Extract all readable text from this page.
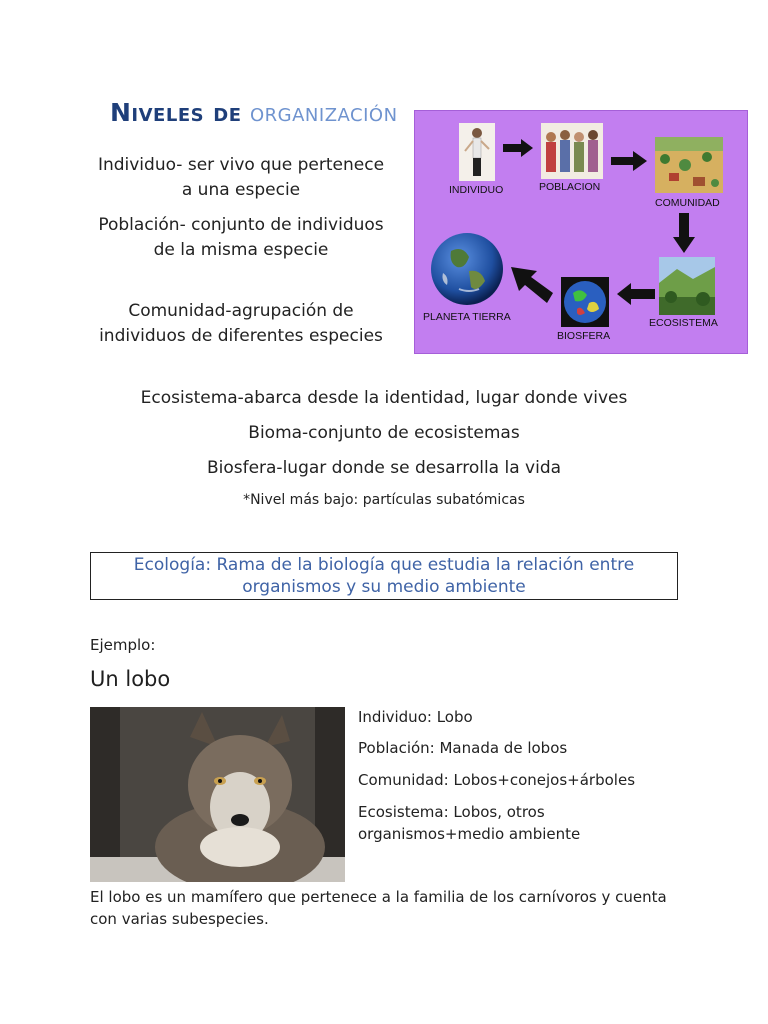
Niveles de organización
Individuo- ser vivo que pertenece a una especie
Población- conjunto de individuos de la misma especie
Comunidad-agrupación de individuos de diferentes especies
Ecosistema-abarca desde la identidad, lugar donde vives
Bioma-conjunto de ecosistemas
Biosfera-lugar donde se desarrolla la vida
*Nivel más bajo: partículas subatómicas
INDIVIDUO	POBLACION
COMUNIDAD
ECOSISTEMA
BIOSFERA
PLANETA TIERRA
Ecología: Rama de la biología que estudia la relación entre organismos y su medio ambiente
Ejemplo:
Un lobo
Individuo: Lobo
Población: Manada de lobos
Comunidad: Lobos+conejos+árboles
Ecosistema: Lobos, otros organismos+medio ambiente
El lobo es un mamífero que pertenece a la familia de los carnívoros y cuenta con varias subespecies.
